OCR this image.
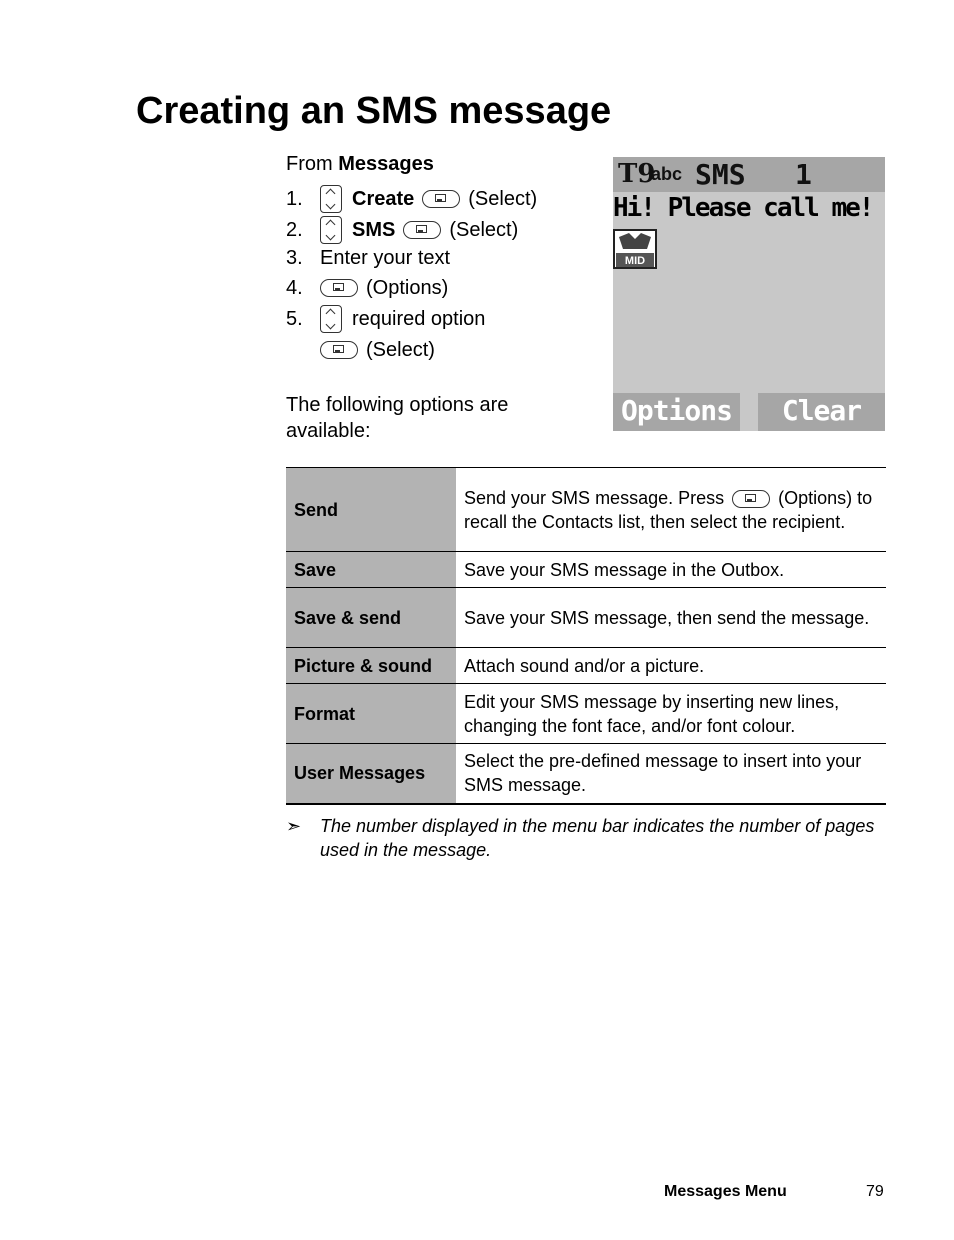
Creating an SMS message
From Messages
1.	Create	(Select)
2.	SMS	(Select)
3. Enter your text
4.	(Options)
5.	required option
(Select)
The following options are available:
T9
abc SMS 1
Hi! Please call me!
MID
Options	Clear
Send	Send your SMS message. Press (Options) to recall the Contacts list, then select the recipient.
Save	Save your SMS message in the Outbox.
Save & send	Save your SMS message, then send the message.
Picture & sound	Attach sound and/or a picture.
Format	Edit your SMS message by inserting new lines, changing the font face, and/or font colour.
User Messages	Select the pre-defined message to insert into your SMS message.
➣ The number displayed in the menu bar indicates the number of pages used in the message.
Messages Menu	79
